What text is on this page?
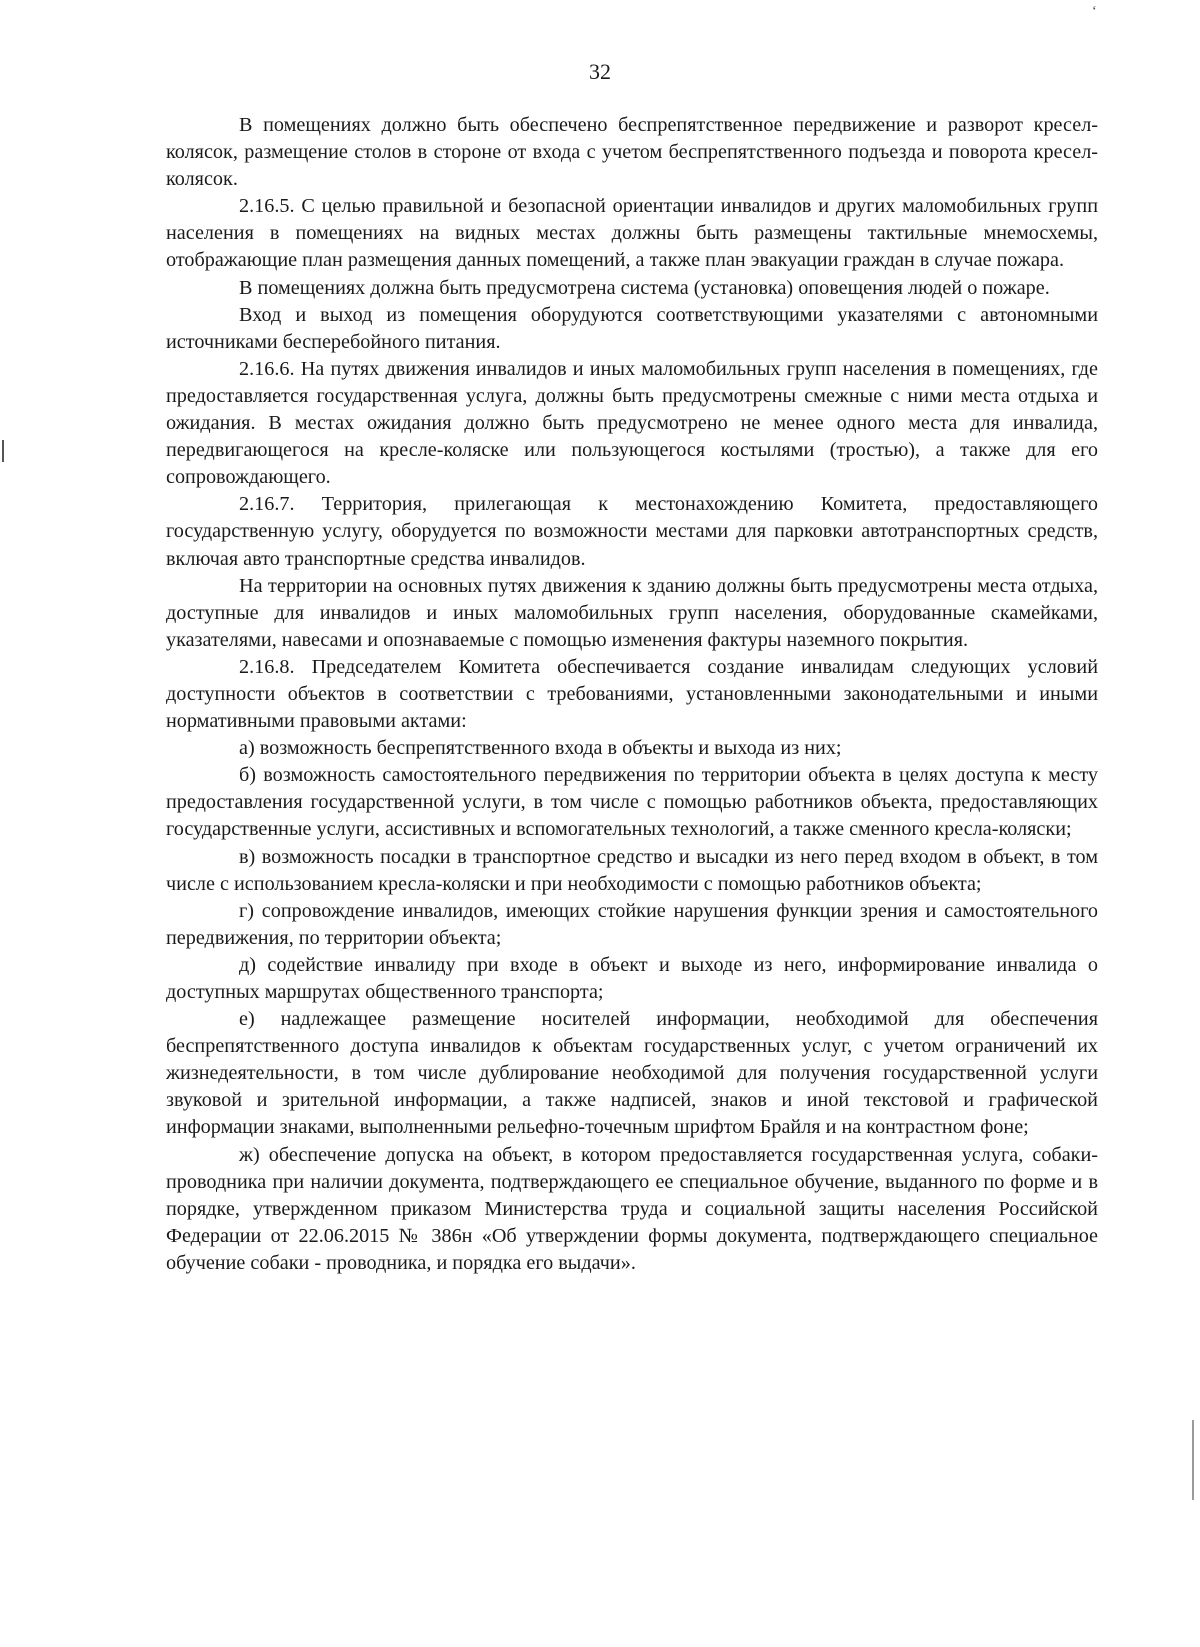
ʻ
32

В помещениях должно быть обеспечено беспрепятственное передвижение и разворот кресел-колясок, размещение столов в стороне от входа с учетом беспрепятственного подъезда и поворота кресел-колясок.

2.16.5. С целью правильной и безопасной ориентации инвалидов и других маломобильных групп населения в помещениях на видных местах должны быть размещены тактильные мнемосхемы, отображающие план размещения данных помещений, а также план эвакуации граждан в случае пожара.

В помещениях должна быть предусмотрена система (установка) оповещения людей о пожаре.

Вход и выход из помещения оборудуются соответствующими указателями с автономными источниками бесперебойного питания.

2.16.6. На путях движения инвалидов и иных маломобильных групп населения в помещениях, где предоставляется государственная услуга, должны быть предусмотрены смежные с ними места отдыха и ожидания. В местах ожидания должно быть предусмотрено не менее одного места для инвалида, передвигающегося на кресле-коляске или пользующегося костылями (тростью), а также для его сопровождающего.

2.16.7. Территория, прилегающая к местонахождению Комитета, предоставляющего государственную услугу, оборудуется по возможности местами для парковки автотранспортных средств, включая авто транспортные средства инвалидов.

На территории на основных путях движения к зданию должны быть предусмотрены места отдыха, доступные для инвалидов и иных маломобильных групп населения, оборудованные скамейками, указателями, навесами и опознаваемые с помощью изменения фактуры наземного покрытия.

2.16.8. Председателем Комитета обеспечивается создание инвалидам следующих условий доступности объектов в соответствии с требованиями, установленными законодательными и иными нормативными правовыми актами:

а) возможность беспрепятственного входа в объекты и выхода из них;

б) возможность самостоятельного передвижения по территории объекта в целях доступа к месту предоставления государственной услуги, в том числе с помощью работников объекта, предоставляющих государственные услуги, ассистивных и вспомогательных технологий, а также сменного кресла-коляски;

в) возможность посадки в транспортное средство и высадки из него перед входом в объект, в том числе с использованием кресла-коляски и при необходимости с помощью работников объекта;

г) сопровождение инвалидов, имеющих стойкие нарушения функции зрения и самостоятельного передвижения, по территории объекта;

д) содействие инвалиду при входе в объект и выходе из него, информирование инвалида о доступных маршрутах общественного транспорта;

е) надлежащее размещение носителей информации, необходимой для обеспечения беспрепятственного доступа инвалидов к объектам государственных услуг, с учетом ограничений их жизнедеятельности, в том числе дублирование необходимой для получения государственной услуги звуковой и зрительной информации, а также надписей, знаков и иной текстовой и графической информации знаками, выполненными рельефно-точечным шрифтом Брайля и на контрастном фоне;

ж) обеспечение допуска на объект, в котором предоставляется государственная услуга, собаки-проводника при наличии документа, подтверждающего ее специальное обучение, выданного по форме и в порядке, утвержденном приказом Министерства труда и социальной защиты населения Российской Федерации от 22.06.2015 № 386н «Об утверждении формы документа, подтверждающего специальное обучение собаки - проводника, и порядка его выдачи».
